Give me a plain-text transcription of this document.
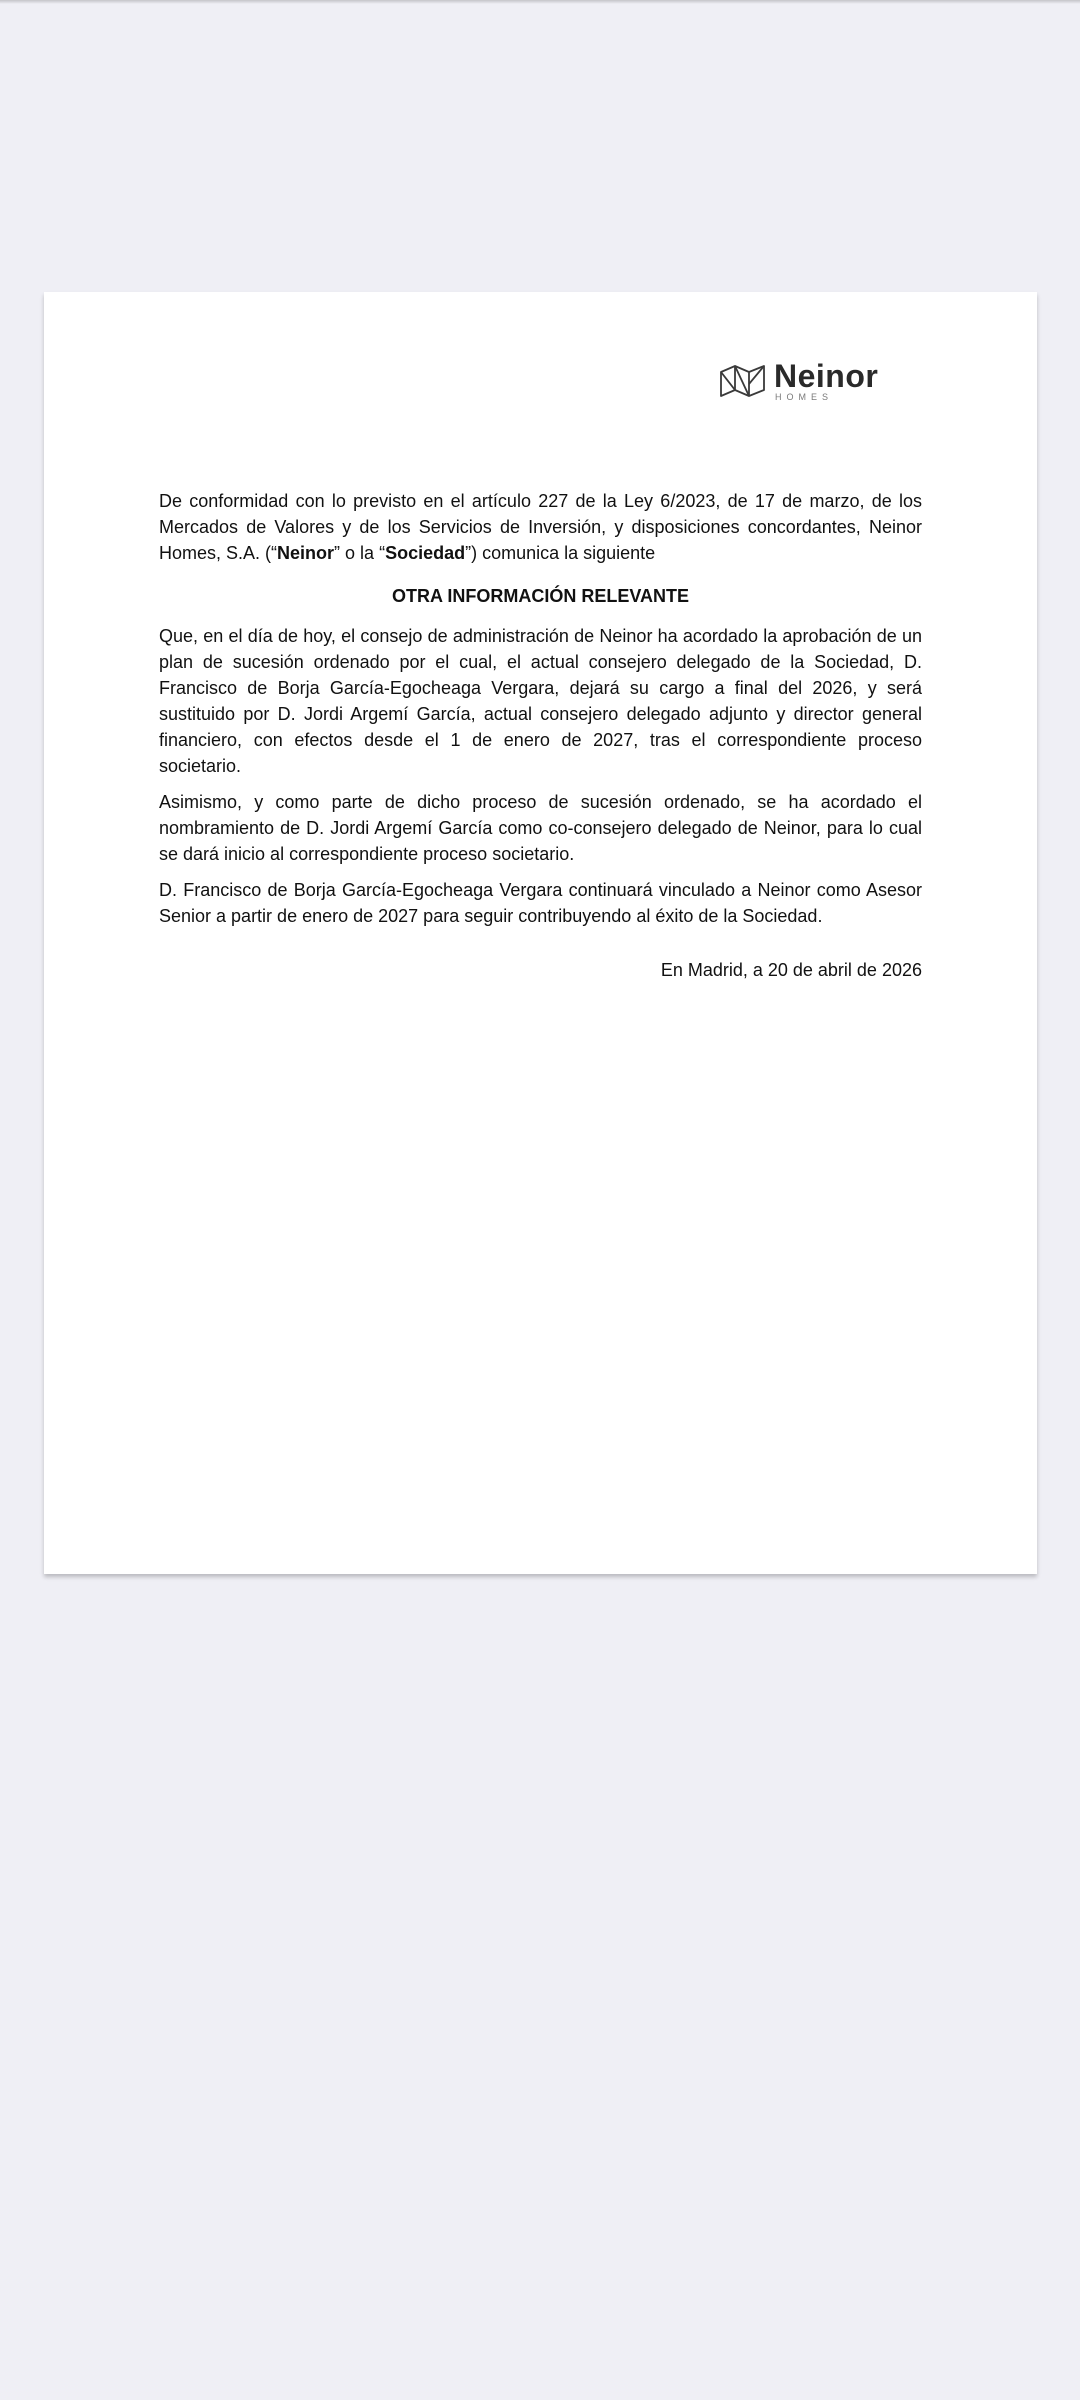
Neinor
HOMES

De conformidad con lo previsto en el artículo 227 de la Ley 6/2023, de 17 de marzo, de los Mercados de Valores y de los Servicios de Inversión, y disposiciones concordantes, Neinor Homes, S.A. (“Neinor” o la “Sociedad”) comunica la siguiente

OTRA INFORMACIÓN RELEVANTE

Que, en el día de hoy, el consejo de administración de Neinor ha acordado la aprobación de un plan de sucesión ordenado por el cual, el actual consejero delegado de la Sociedad, D. Francisco de Borja García-Egocheaga Vergara, dejará su cargo a final del 2026, y será sustituido por D. Jordi Argemí García, actual consejero delegado adjunto y director general financiero, con efectos desde el 1 de enero de 2027, tras el correspondiente proceso societario.

Asimismo, y como parte de dicho proceso de sucesión ordenado, se ha acordado el nombramiento de D. Jordi Argemí García como co-consejero delegado de Neinor, para lo cual se dará inicio al correspondiente proceso societario.

D. Francisco de Borja García-Egocheaga Vergara continuará vinculado a Neinor como Asesor Senior a partir de enero de 2027 para seguir contribuyendo al éxito de la Sociedad.

En Madrid, a 20 de abril de 2026
